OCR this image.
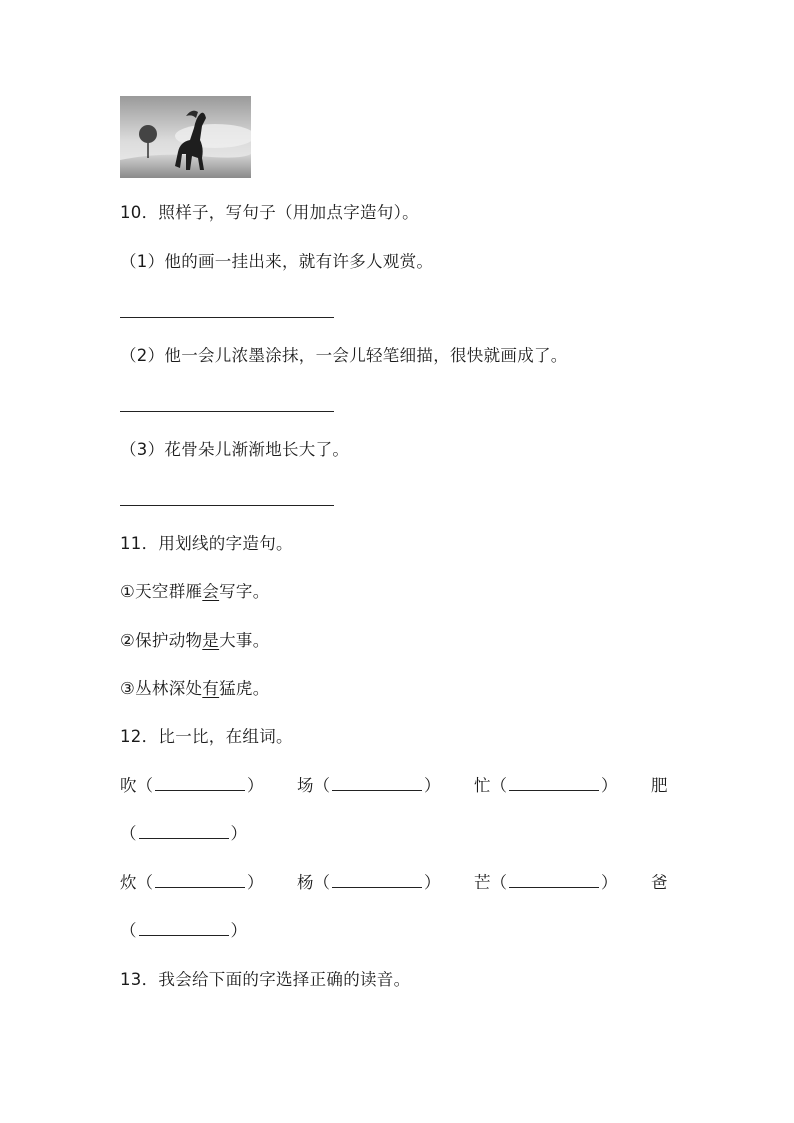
10．照样子，写句子（用加点字造句）。
（1）他的画一挂出来，就有许多人观赏。
（2）他一会儿浓墨涂抹，一会儿轻笔细描，很快就画成了。
（3）花骨朵儿渐渐地长大了。
11．用划线的字造句。
①天空群雁会写字。
②保护动物是大事。
③丛林深处有猛虎。
12．比一比，在组词。
吹（	） 场（	） 忙（	） 肥
（	）
炊（	） 杨（	） 芒（	） 爸
（	）
13．我会给下面的字选择正确的读音。
